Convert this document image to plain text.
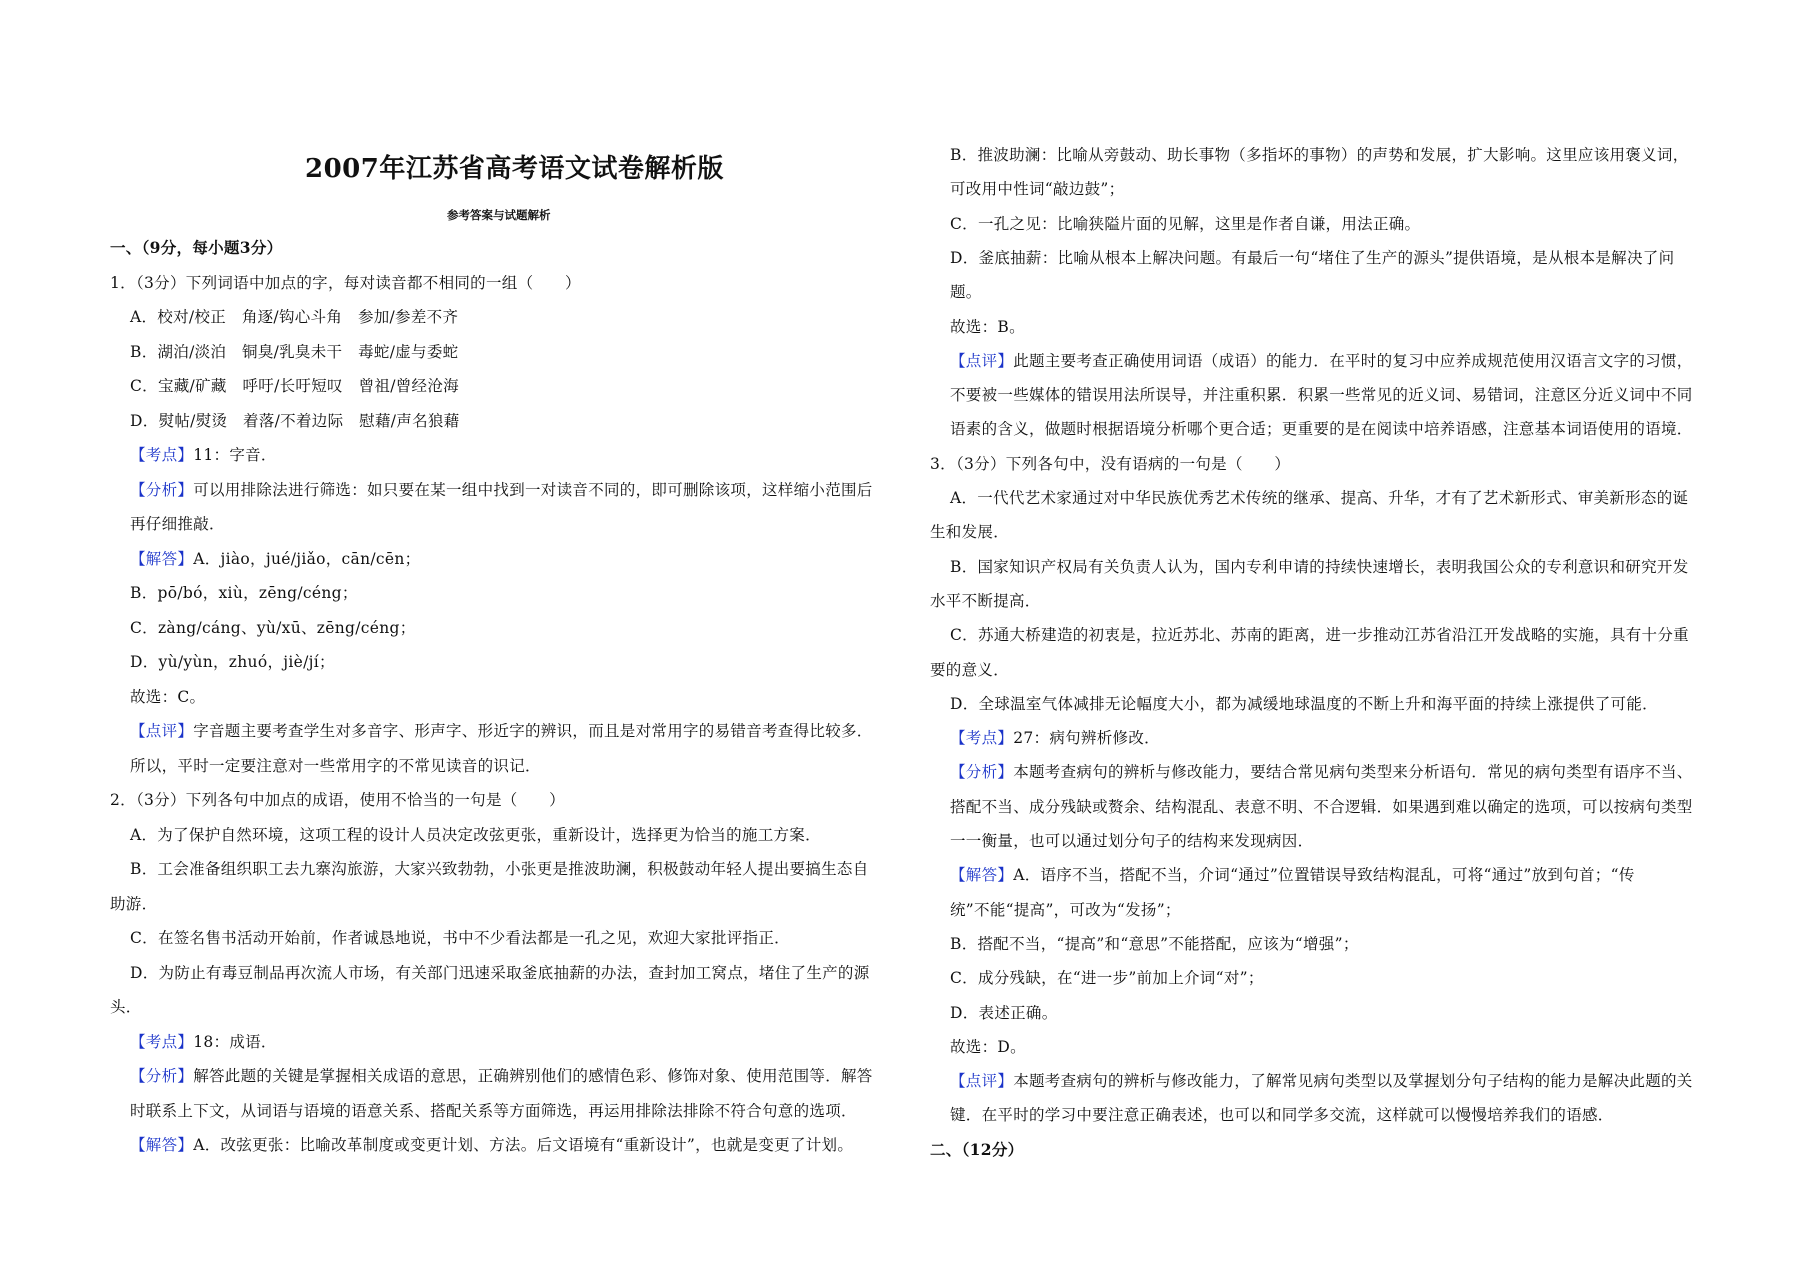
2007年江苏省高考语文试卷解析版
参考答案与试题解析
一、（9分，每小题3分）
1．（3分）下列词语中加点的字，每对读音都不相同的一组（　　）
A．校对/校正　角逐/钩心斗角　参加/参差不齐
B．湖泊/淡泊　铜臭/乳臭未干　毒蛇/虚与委蛇
C．宝藏/矿藏　呼吁/长吁短叹　曾祖/曾经沧海
D．熨帖/熨烫　着落/不着边际　慰藉/声名狼藉
【考点】11：字音．
【分析】可以用排除法进行筛选：如只要在某一组中找到一对读音不同的，即可删除该项，这样缩小范围后
再仔细推敲．
【解答】A．jiào，jué/jiǎo，cān/cēn；
B．pō/bó，xiù，zēng/céng；
C．zàng/cáng、yù/xū、zēng/céng；
D．yù/yùn，zhuó，jiè/jí；
故选：C。
【点评】字音题主要考查学生对多音字、形声字、形近字的辨识，而且是对常用字的易错音考查得比较多．
所以，平时一定要注意对一些常用字的不常见读音的识记．
2．（3分）下列各句中加点的成语，使用不恰当的一句是（　　）
A．为了保护自然环境，这项工程的设计人员决定改弦更张，重新设计，选择更为恰当的施工方案．
B．工会准备组织职工去九寨沟旅游，大家兴致勃勃，小张更是推波助澜，积极鼓动年轻人提出要搞生态自
助游．
C．在签名售书活动开始前，作者诚恳地说，书中不少看法都是一孔之见，欢迎大家批评指正．
D．为防止有毒豆制品再次流人市场，有关部门迅速采取釜底抽薪的办法，查封加工窝点，堵住了生产的源
头．
【考点】18：成语．
【分析】解答此题的关键是掌握相关成语的意思，正确辨别他们的感情色彩、修饰对象、使用范围等．解答
时联系上下文，从词语与语境的语意关系、搭配关系等方面筛选，再运用排除法排除不符合句意的选项．
【解答】A．改弦更张：比喻改革制度或变更计划、方法。后文语境有“重新设计”，也就是变更了计划。
B．推波助澜：比喻从旁鼓动、助长事物（多指坏的事物）的声势和发展，扩大影响。这里应该用褒义词，
可改用中性词“敲边鼓”；
C．一孔之见：比喻狭隘片面的见解，这里是作者自谦，用法正确。
D．釜底抽薪：比喻从根本上解决问题。有最后一句“堵住了生产的源头”提供语境，是从根本是解决了问
题。
故选：B。
【点评】此题主要考查正确使用词语（成语）的能力．在平时的复习中应养成规范使用汉语言文字的习惯，
不要被一些媒体的错误用法所误导，并注重积累．积累一些常见的近义词、易错词，注意区分近义词中不同
语素的含义，做题时根据语境分析哪个更合适；更重要的是在阅读中培养语感，注意基本词语使用的语境．
3．（3分）下列各句中，没有语病的一句是（　　）
A．一代代艺术家通过对中华民族优秀艺术传统的继承、提高、升华，才有了艺术新形式、审美新形态的诞
生和发展．
B．国家知识产权局有关负责人认为，国内专利申请的持续快速增长，表明我国公众的专利意识和研究开发
水平不断提高．
C．苏通大桥建造的初衷是，拉近苏北、苏南的距离，进一步推动江苏省沿江开发战略的实施，具有十分重
要的意义．
D．全球温室气体减排无论幅度大小，都为减缓地球温度的不断上升和海平面的持续上涨提供了可能．
【考点】27：病句辨析修改．
【分析】本题考查病句的辨析与修改能力，要结合常见病句类型来分析语句．常见的病句类型有语序不当、
搭配不当、成分残缺或赘余、结构混乱、表意不明、不合逻辑．如果遇到难以确定的选项，可以按病句类型
一一衡量，也可以通过划分句子的结构来发现病因．
【解答】A．语序不当，搭配不当，介词“通过”位置错误导致结构混乱，可将“通过”放到句首；“传
统”不能“提高”，可改为“发扬”；
B．搭配不当，“提高”和“意思”不能搭配，应该为“增强”；
C．成分残缺，在“进一步”前加上介词“对”；
D．表述正确。
故选：D。
【点评】本题考查病句的辨析与修改能力，了解常见病句类型以及掌握划分句子结构的能力是解决此题的关
键．在平时的学习中要注意正确表述，也可以和同学多交流，这样就可以慢慢培养我们的语感．
二、（12分）
